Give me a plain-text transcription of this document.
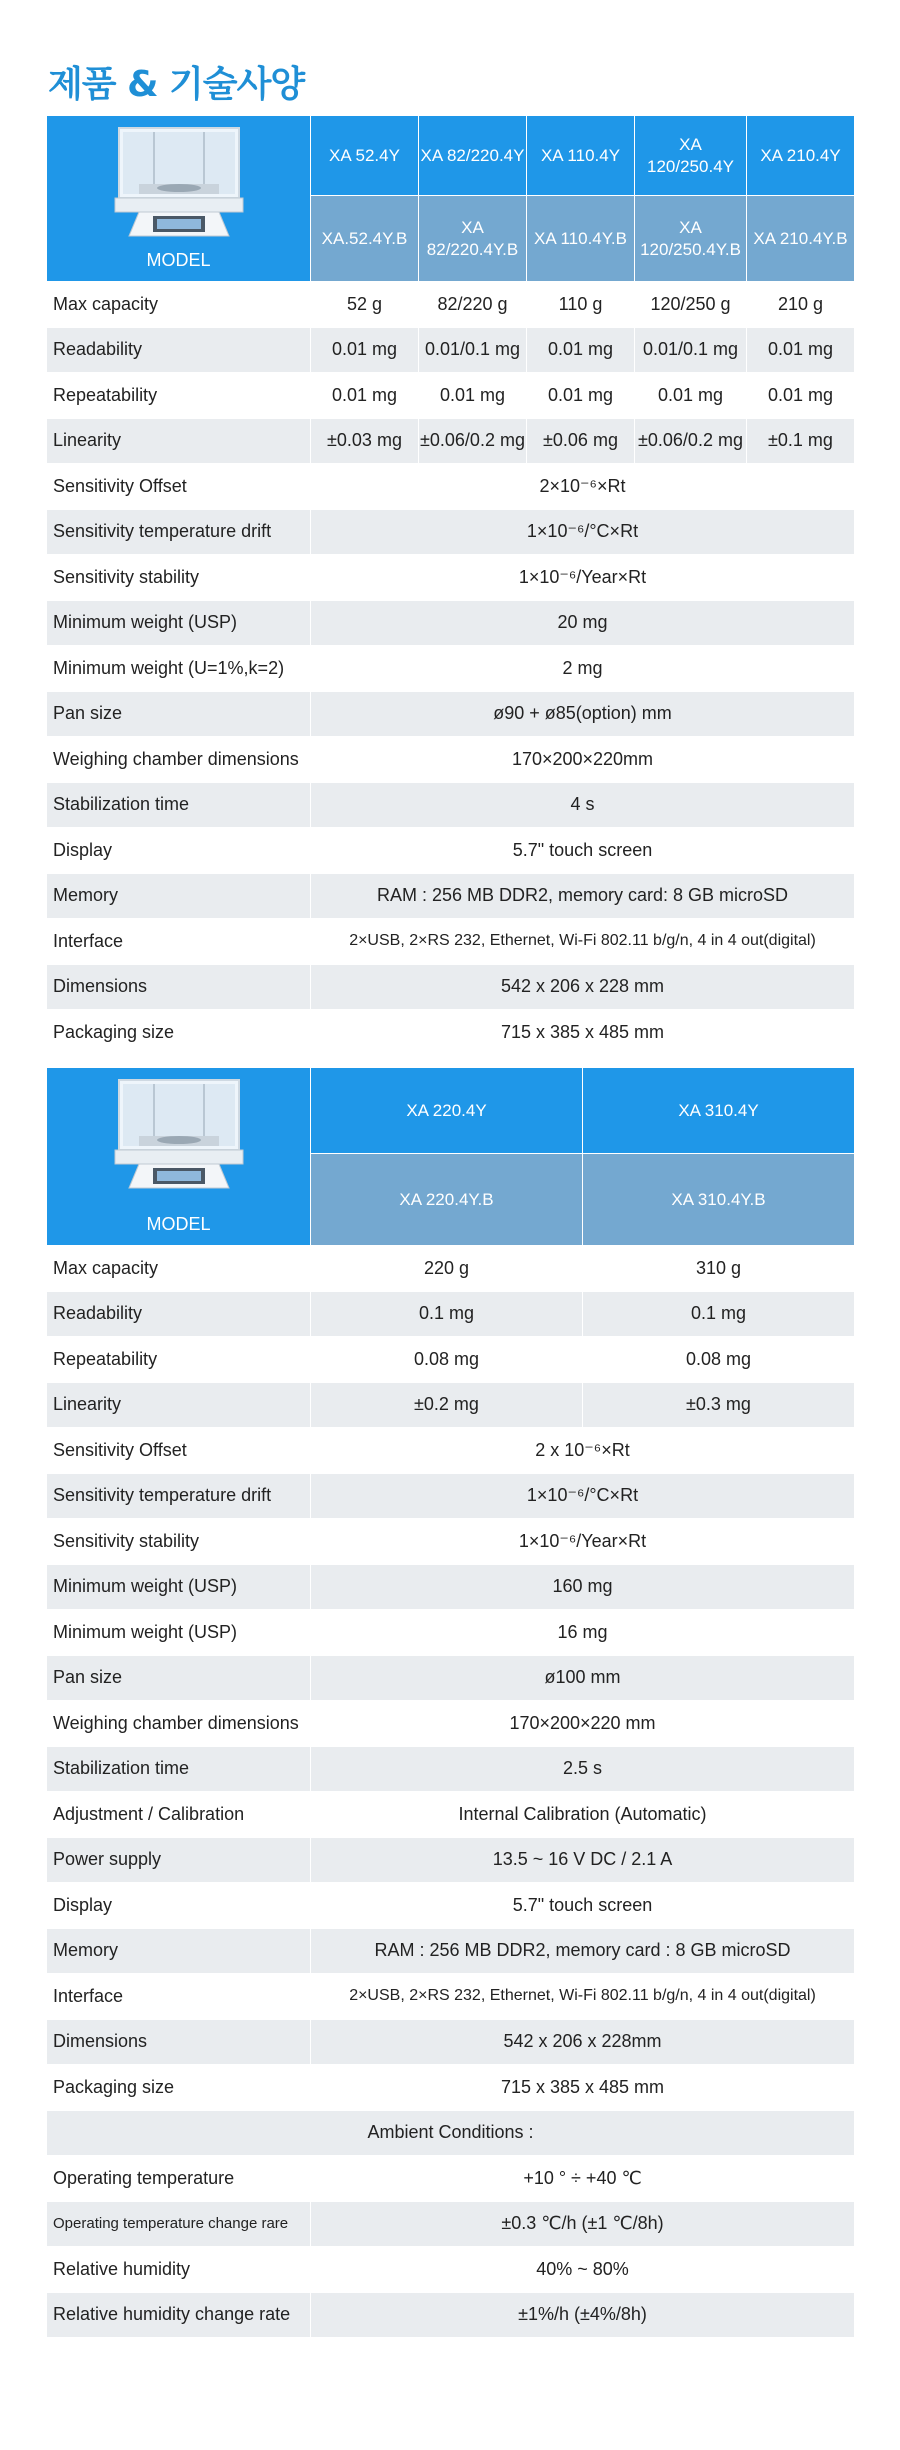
제품 & 기술사양
MODEL	XA 52.4Y	XA 82/220.4Y	XA 110.4Y	XA 120/250.4Y	XA 210.4Y
	XA.52.4Y.B	XA 82/220.4Y.B	XA 110.4Y.B	XA 120/250.4Y.B	XA 210.4Y.B
Max capacity	52 g	82/220 g	110 g	120/250 g	210 g
Readability	0.01 mg	0.01/0.1 mg	0.01 mg	0.01/0.1 mg	0.01 mg
Repeatability	0.01 mg	0.01 mg	0.01 mg	0.01 mg	0.01 mg
Linearity	±0.03 mg	±0.06/0.2 mg	±0.06 mg	±0.06/0.2 mg	±0.1 mg
Sensitivity Offset	2×10⁻⁶×Rt				
Sensitivity temperature drift	1×10⁻⁶/°C×Rt				
Sensitivity stability	1×10⁻⁶/Year×Rt				
Minimum weight (USP)	20 mg				
Minimum weight (U=1%,k=2)	2 mg				
Pan size	ø90 + ø85(option) mm				
Weighing chamber dimensions	170×200×220mm				
Stabilization time	4 s				
Display	5.7" touch screen				
Memory	RAM : 256 MB DDR2, memory card: 8 GB microSD				
Interface	2×USB, 2×RS 232, Ethernet, Wi-Fi 802.11 b/g/n, 4 in 4 out(digital)				
Dimensions	542 x 206 x 228 mm				
Packaging size	715 x 385 x 485 mm				
MODEL	XA 220.4Y	XA 310.4Y
	XA 220.4Y.B	XA 310.4Y.B
Max capacity	220 g	310 g
Readability	0.1 mg	0.1 mg
Repeatability	0.08 mg	0.08 mg
Linearity	±0.2 mg	±0.3 mg
Sensitivity Offset	2 x 10⁻⁶×Rt	
Sensitivity temperature drift	1×10⁻⁶/°C×Rt	
Sensitivity stability	1×10⁻⁶/Year×Rt	
Minimum weight (USP)	160 mg	
Minimum weight (USP)	16 mg	
Pan size	ø100 mm	
Weighing chamber dimensions	170×200×220 mm	
Stabilization time	2.5 s	
Adjustment / Calibration	Internal Calibration (Automatic)	
Power supply	13.5 ~ 16 V DC / 2.1 A	
Display	5.7" touch screen	
Memory	RAM : 256 MB DDR2, memory card : 8 GB microSD	
Interface	2×USB, 2×RS 232, Ethernet, Wi-Fi 802.11 b/g/n, 4 in 4 out(digital)	
Dimensions	542 x 206 x 228mm	
Packaging size	715 x 385 x 485 mm	
Ambient Conditions :		
Operating temperature	+10 ° ÷ +40 ℃	
Operating temperature change rare	±0.3 ℃/h (±1 ℃/8h)	
Relative humidity	40% ~ 80%	
Relative humidity change rate	±1%/h (±4%/8h)	
